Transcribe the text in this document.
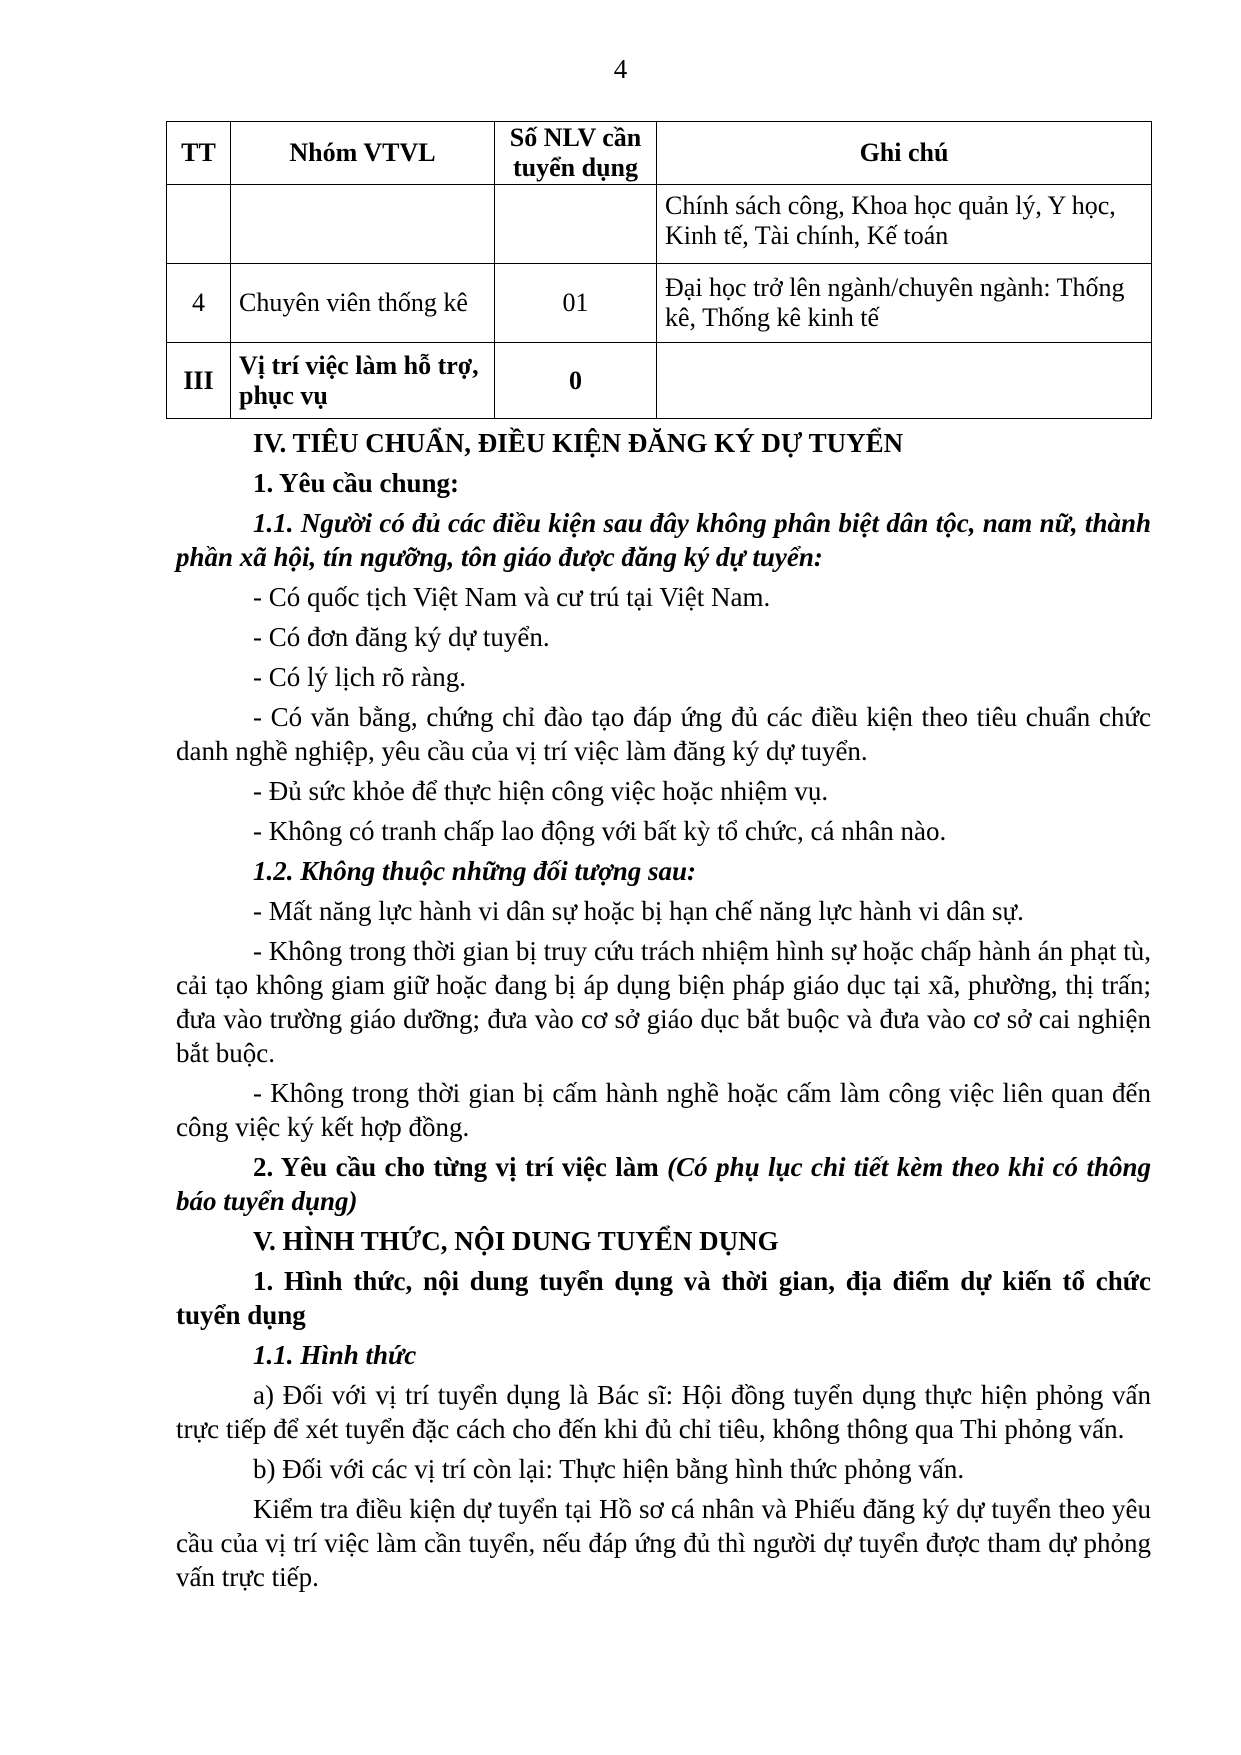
4
TT	Nhóm VTVL	Số NLV cần tuyển dụng	Ghi chú
			Chính sách công, Khoa học quản lý, Y học, Kinh tế, Tài chính, Kế toán
4	Chuyên viên thống kê	01	Đại học trở lên ngành/chuyên ngành: Thống kê, Thống kê kinh tế
III	Vị trí việc làm hỗ trợ, phục vụ	0	

IV. TIÊU CHUẨN, ĐIỀU KIỆN ĐĂNG KÝ DỰ TUYỂN

1. Yêu cầu chung:

1.1. Người có đủ các điều kiện sau đây không phân biệt dân tộc, nam nữ, thành phần xã hội, tín ngưỡng, tôn giáo được đăng ký dự tuyển:

- Có quốc tịch Việt Nam và cư trú tại Việt Nam.

- Có đơn đăng ký dự tuyển.

- Có lý lịch rõ ràng.

- Có văn bằng, chứng chỉ đào tạo đáp ứng đủ các điều kiện theo tiêu chuẩn chức danh nghề nghiệp, yêu cầu của vị trí việc làm đăng ký dự tuyển.

- Đủ sức khỏe để thực hiện công việc hoặc nhiệm vụ.

- Không có tranh chấp lao động với bất kỳ tổ chức, cá nhân nào.

1.2. Không thuộc những đối tượng sau:

- Mất năng lực hành vi dân sự hoặc bị hạn chế năng lực hành vi dân sự.

- Không trong thời gian bị truy cứu trách nhiệm hình sự hoặc chấp hành án phạt tù, cải tạo không giam giữ hoặc đang bị áp dụng biện pháp giáo dục tại xã, phường, thị trấn; đưa vào trường giáo dưỡng; đưa vào cơ sở giáo dục bắt buộc và đưa vào cơ sở cai nghiện bắt buộc.

- Không trong thời gian bị cấm hành nghề hoặc cấm làm công việc liên quan đến công việc ký kết hợp đồng.

2. Yêu cầu cho từng vị trí việc làm (Có phụ lục chi tiết kèm theo khi có thông báo tuyển dụng)

V. HÌNH THỨC, NỘI DUNG TUYỂN DỤNG

1. Hình thức, nội dung tuyển dụng và thời gian, địa điểm dự kiến tổ chức tuyển dụng

1.1. Hình thức

a) Đối với vị trí tuyển dụng là Bác sĩ: Hội đồng tuyển dụng thực hiện phỏng vấn trực tiếp để xét tuyển đặc cách cho đến khi đủ chỉ tiêu, không thông qua Thi phỏng vấn.

b) Đối với các vị trí còn lại: Thực hiện bằng hình thức phỏng vấn.

Kiểm tra điều kiện dự tuyển tại Hồ sơ cá nhân và Phiếu đăng ký dự tuyển theo yêu cầu của vị trí việc làm cần tuyển, nếu đáp ứng đủ thì người dự tuyển được tham dự phỏng vấn trực tiếp.
